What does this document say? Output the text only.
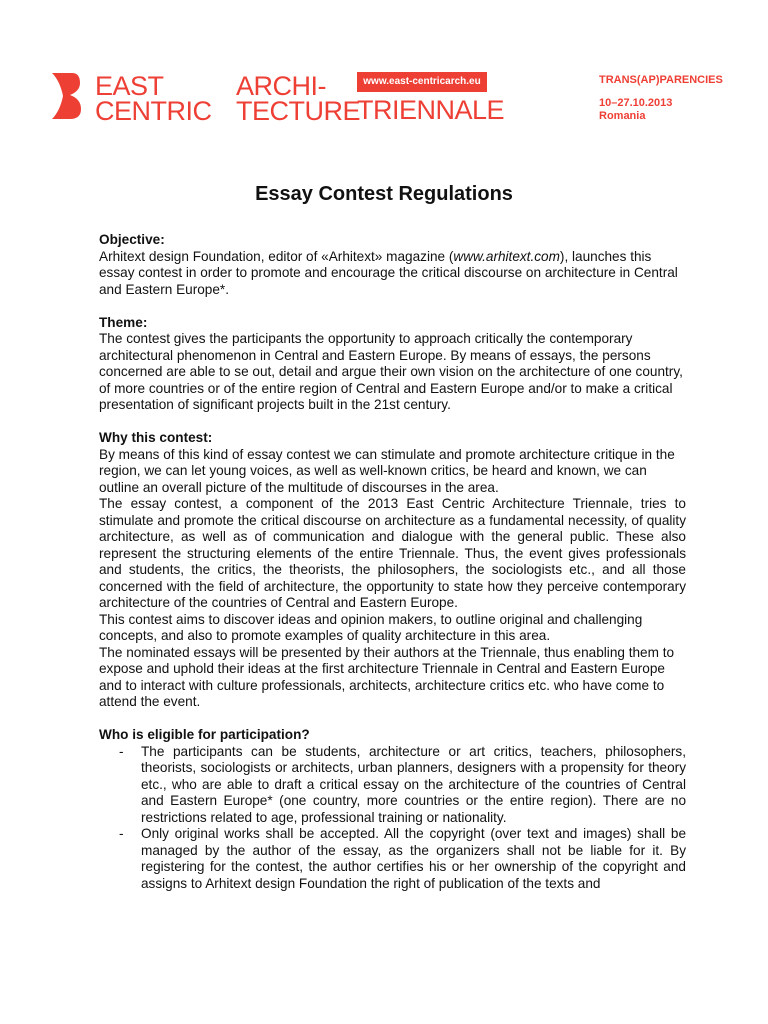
EAST
CENTRIC
ARCHI-
TECTURE
www.east-centricarch.eu
TRIENNALE
TRANS(AP)PARENCIES
10–27.10.2013
Romania
Essay Contest Regulations
Objective:

Arhitext design Foundation, editor of «Arhitext» magazine (www.arhitext.com), launches this essay contest in order to promote and encourage the critical discourse on architecture in Central and Eastern Europe*.

Theme:

The contest gives the participants the opportunity to approach critically the contemporary architectural phenomenon in Central and Eastern Europe. By means of essays, the persons concerned are able to se out, detail and argue their own vision on the architecture of one country, of more countries or of the entire region of Central and Eastern Europe and/or to make a critical presentation of significant projects built in the 21st century.

Why this contest:

By means of this kind of essay contest we can stimulate and promote architecture critique in the region, we can let young voices, as well as well-known critics, be heard and known, we can outline an overall picture of the multitude of discourses in the area.

The essay contest, a component of the 2013 East Centric Architecture Triennale, tries to stimulate and promote the critical discourse on architecture as a fundamental necessity, of quality architecture, as well as of communication and dialogue with the general public. These also represent the structuring elements of the entire Triennale. Thus, the event gives professionals and students, the critics, the theorists, the philosophers, the sociologists etc., and all those concerned with the field of architecture, the opportunity to state how they perceive contemporary architecture of the countries of Central and Eastern Europe.

This contest aims to discover ideas and opinion makers, to outline original and challenging concepts, and also to promote examples of quality architecture in this area.

The nominated essays will be presented by their authors at the Triennale, thus enabling them to expose and uphold their ideas at the first architecture Triennale in Central and Eastern Europe and to interact with culture professionals, architects, architecture critics etc. who have come to attend the event.

Who is eligible for participation?
- The participants can be students, architecture or art critics, teachers, philosophers, theorists, sociologists or architects, urban planners, designers with a propensity for theory etc., who are able to draft a critical essay on the architecture of the countries of Central and Eastern Europe* (one country, more countries or the entire region). There are no restrictions related to age, professional training or nationality.
- Only original works shall be accepted. All the copyright (over text and images) shall be managed by the author of the essay, as the organizers shall not be liable for it. By registering for the contest, the author certifies his or her ownership of the copyright and assigns to Arhitext design Foundation the right of publication of the texts and
